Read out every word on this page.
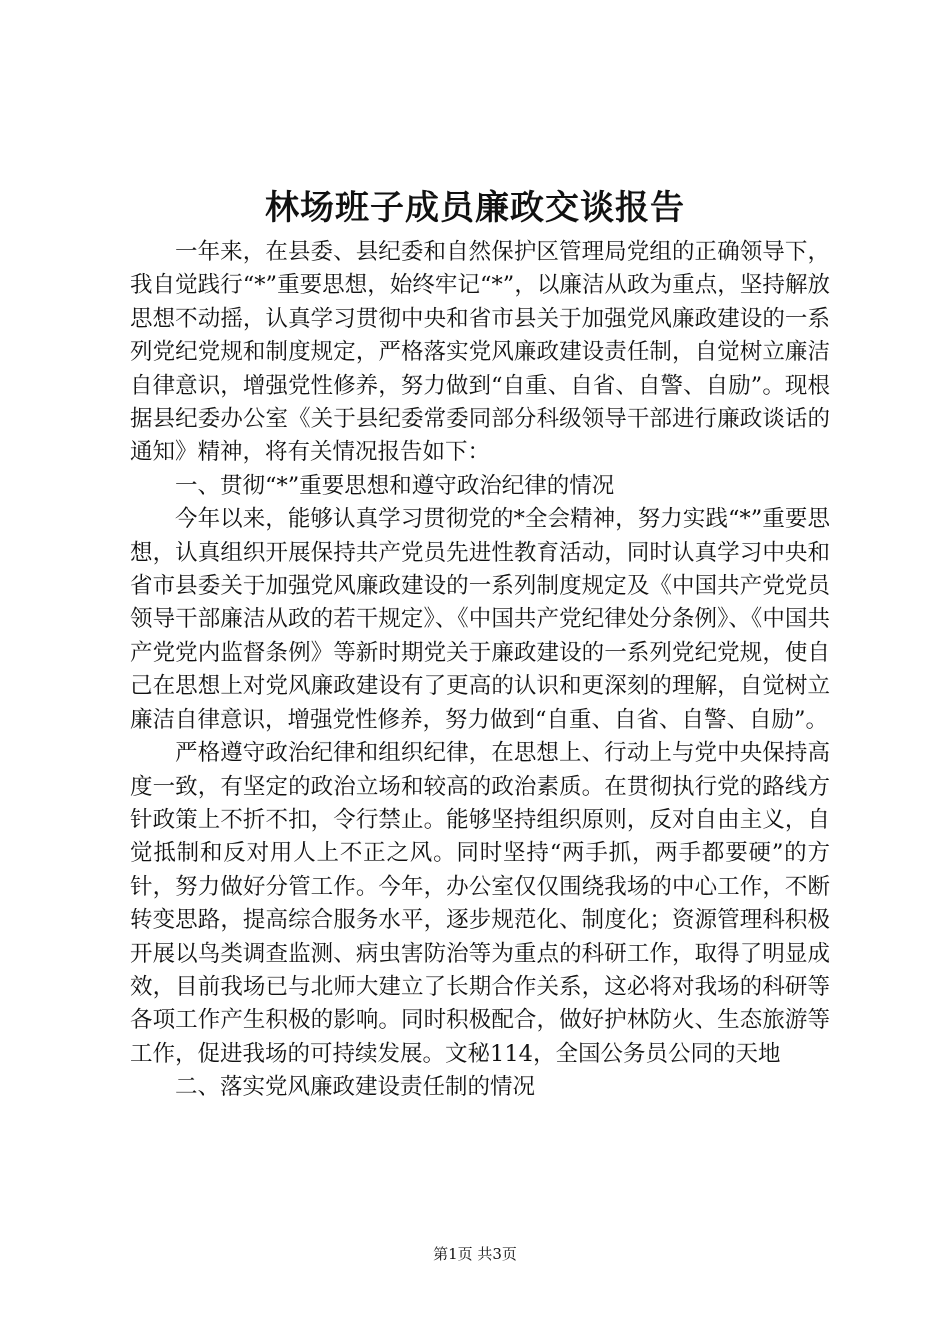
林场班子成员廉政交谈报告

一年来，在县委、县纪委和自然保护区管理局党组的正确领导下，我自觉践行“*”重要思想，始终牢记“*”，以廉洁从政为重点，坚持解放思想不动摇，认真学习贯彻中央和省市县关于加强党风廉政建设的一系列党纪党规和制度规定，严格落实党风廉政建设责任制，自觉树立廉洁自律意识，增强党性修养，努力做到“自重、自省、自警、自励”。现根据县纪委办公室《关于县纪委常委同部分科级领导干部进行廉政谈话的通知》精神，将有关情况报告如下：

一、贯彻“*”重要思想和遵守政治纪律的情况

今年以来，能够认真学习贯彻党的*全会精神，努力实践“*”重要思想，认真组织开展保持共产党员先进性教育活动，同时认真学习中央和省市县委关于加强党风廉政建设的一系列制度规定及《中国共产党党员领导干部廉洁从政的若干规定》、《中国共产党纪律处分条例》、《中国共产党党内监督条例》等新时期党关于廉政建设的一系列党纪党规，使自己在思想上对党风廉政建设有了更高的认识和更深刻的理解，自觉树立廉洁自律意识，增强党性修养，努力做到“自重、自省、自警、自励”。

严格遵守政治纪律和组织纪律，在思想上、行动上与党中央保持高度一致，有坚定的政治立场和较高的政治素质。在贯彻执行党的路线方针政策上不折不扣，令行禁止。能够坚持组织原则，反对自由主义，自觉抵制和反对用人上不正之风。同时坚持“两手抓，两手都要硬”的方针，努力做好分管工作。今年，办公室仅仅围绕我场的中心工作，不断转变思路，提高综合服务水平，逐步规范化、制度化；资源管理科积极开展以鸟类调查监测、病虫害防治等为重点的科研工作，取得了明显成效，目前我场已与北师大建立了长期合作关系，这必将对我场的科研等各项工作产生积极的影响。同时积极配合，做好护林防火、生态旅游等工作，促进我场的可持续发展。文秘114，全国公务员公同的天地

二、落实党风廉政建设责任制的情况

第1页 共3页
